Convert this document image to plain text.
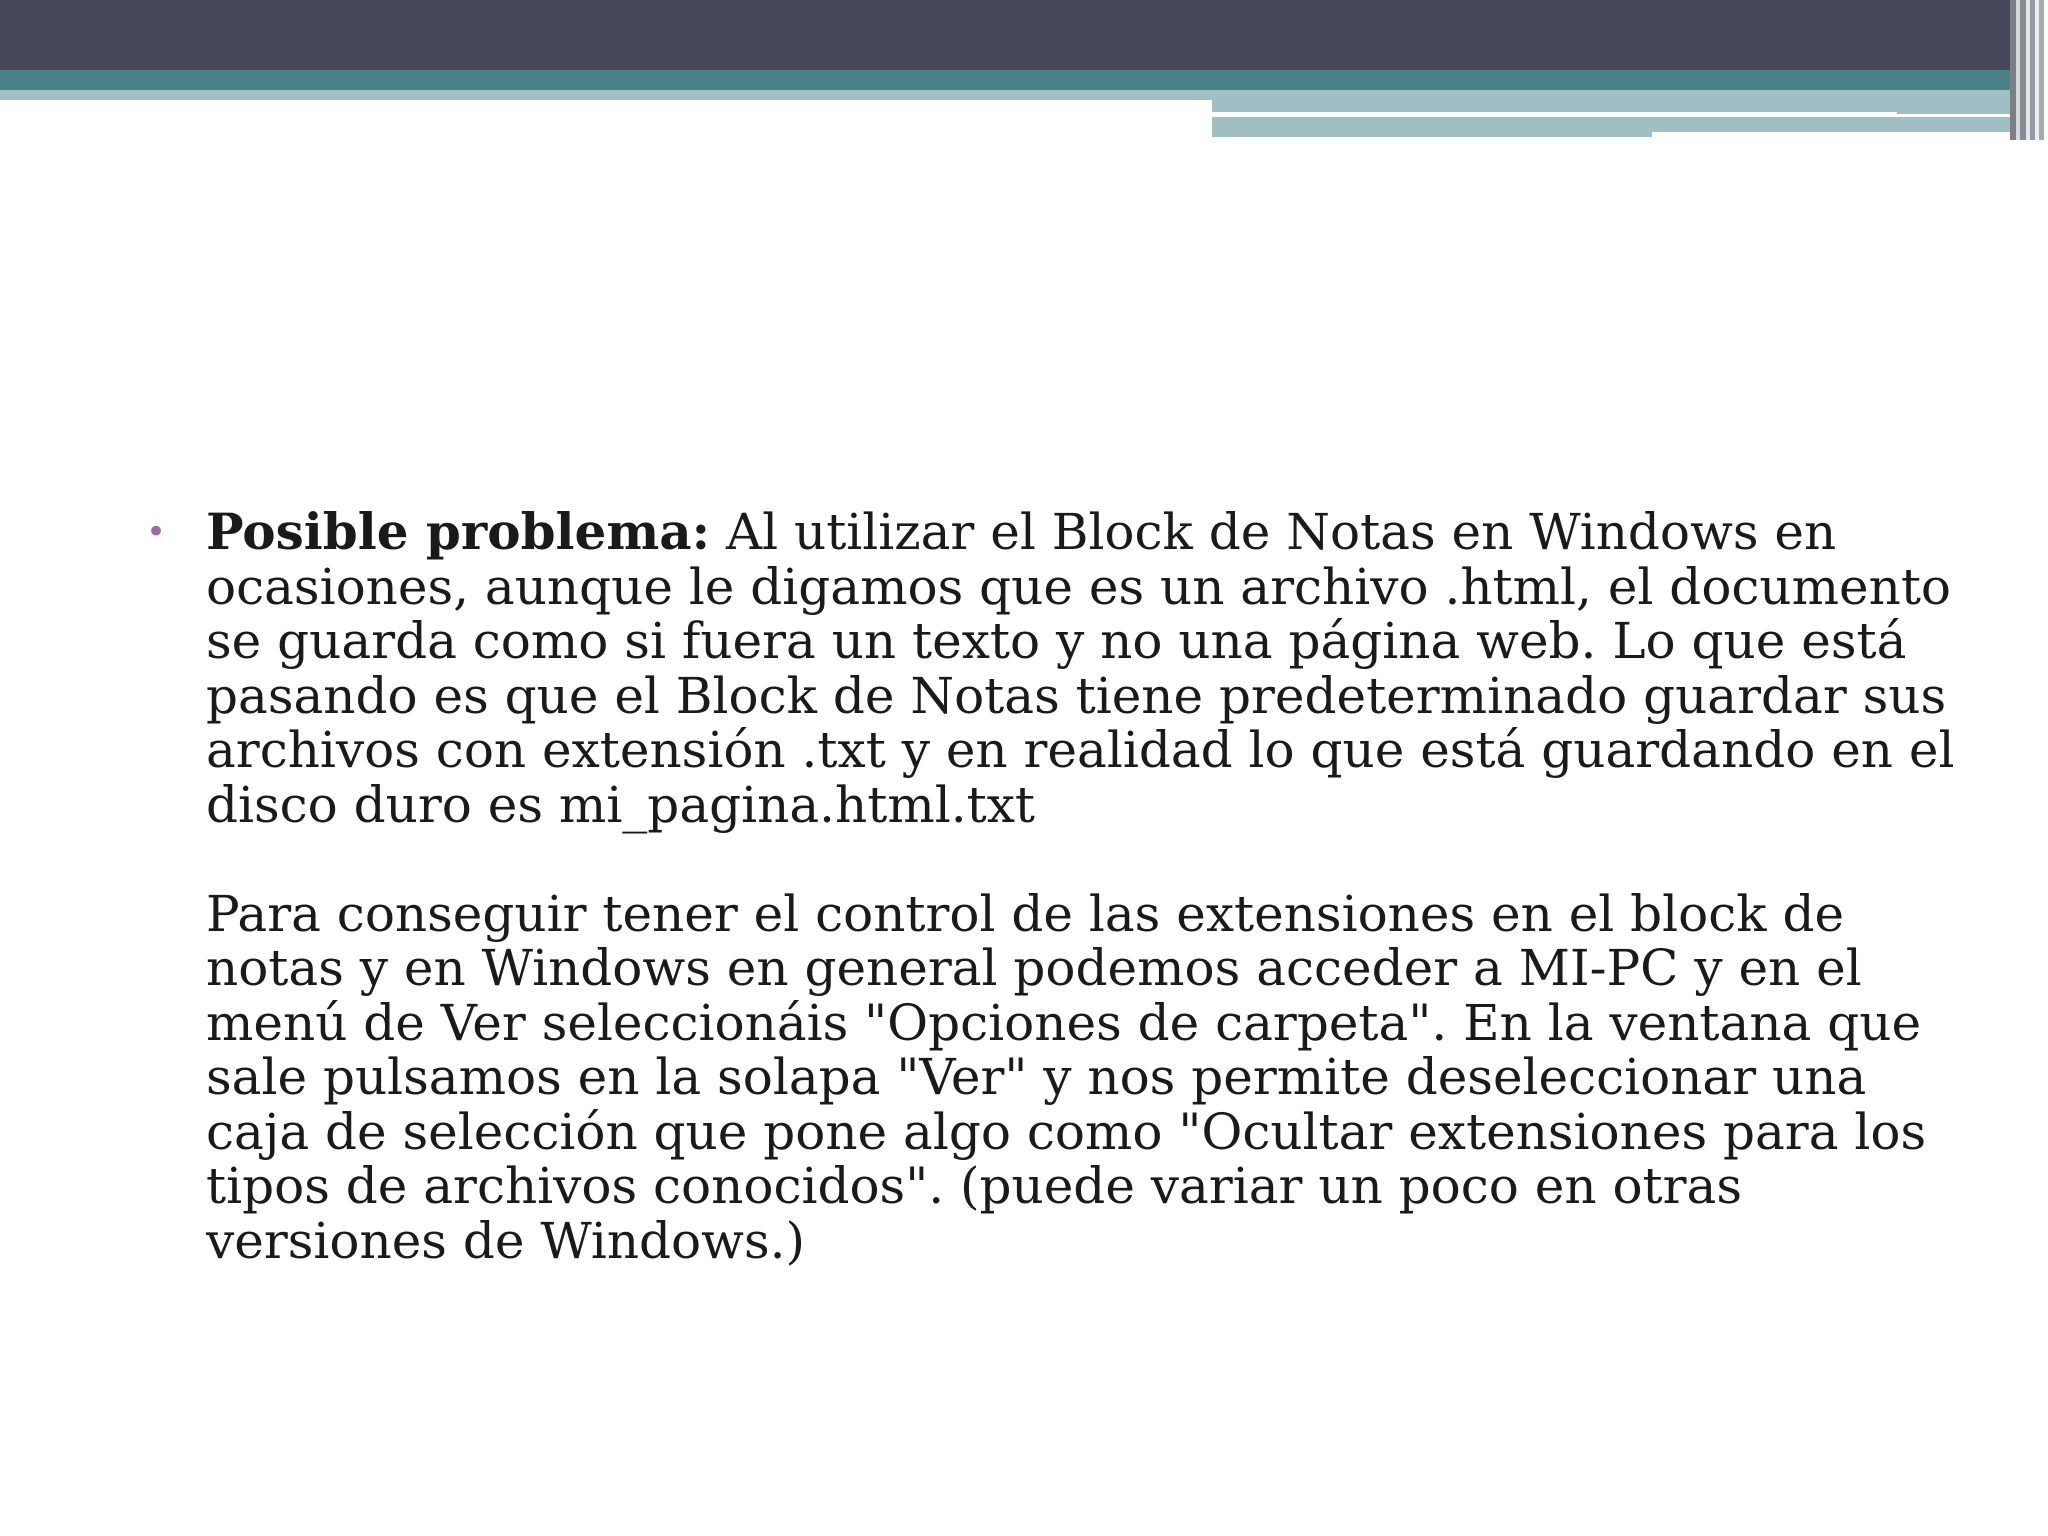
• Posible problema: Al utilizar el Block de Notas en Windows en
ocasiones, aunque le digamos que es un archivo .html, el documento
se guarda como si fuera un texto y no una página web. Lo que está
pasando es que el Block de Notas tiene predeterminado guardar sus
archivos con extensión .txt y en realidad lo que está guardando en el
disco duro es mi_pagina.html.txt
Para conseguir tener el control de las extensiones en el block de
notas y en Windows en general podemos acceder a MI-PC y en el
menú de Ver seleccionáis "Opciones de carpeta". En la ventana que
sale pulsamos en la solapa "Ver" y nos permite deseleccionar una
caja de selección que pone algo como "Ocultar extensiones para los
tipos de archivos conocidos". (puede variar un poco en otras
versiones de Windows.)
